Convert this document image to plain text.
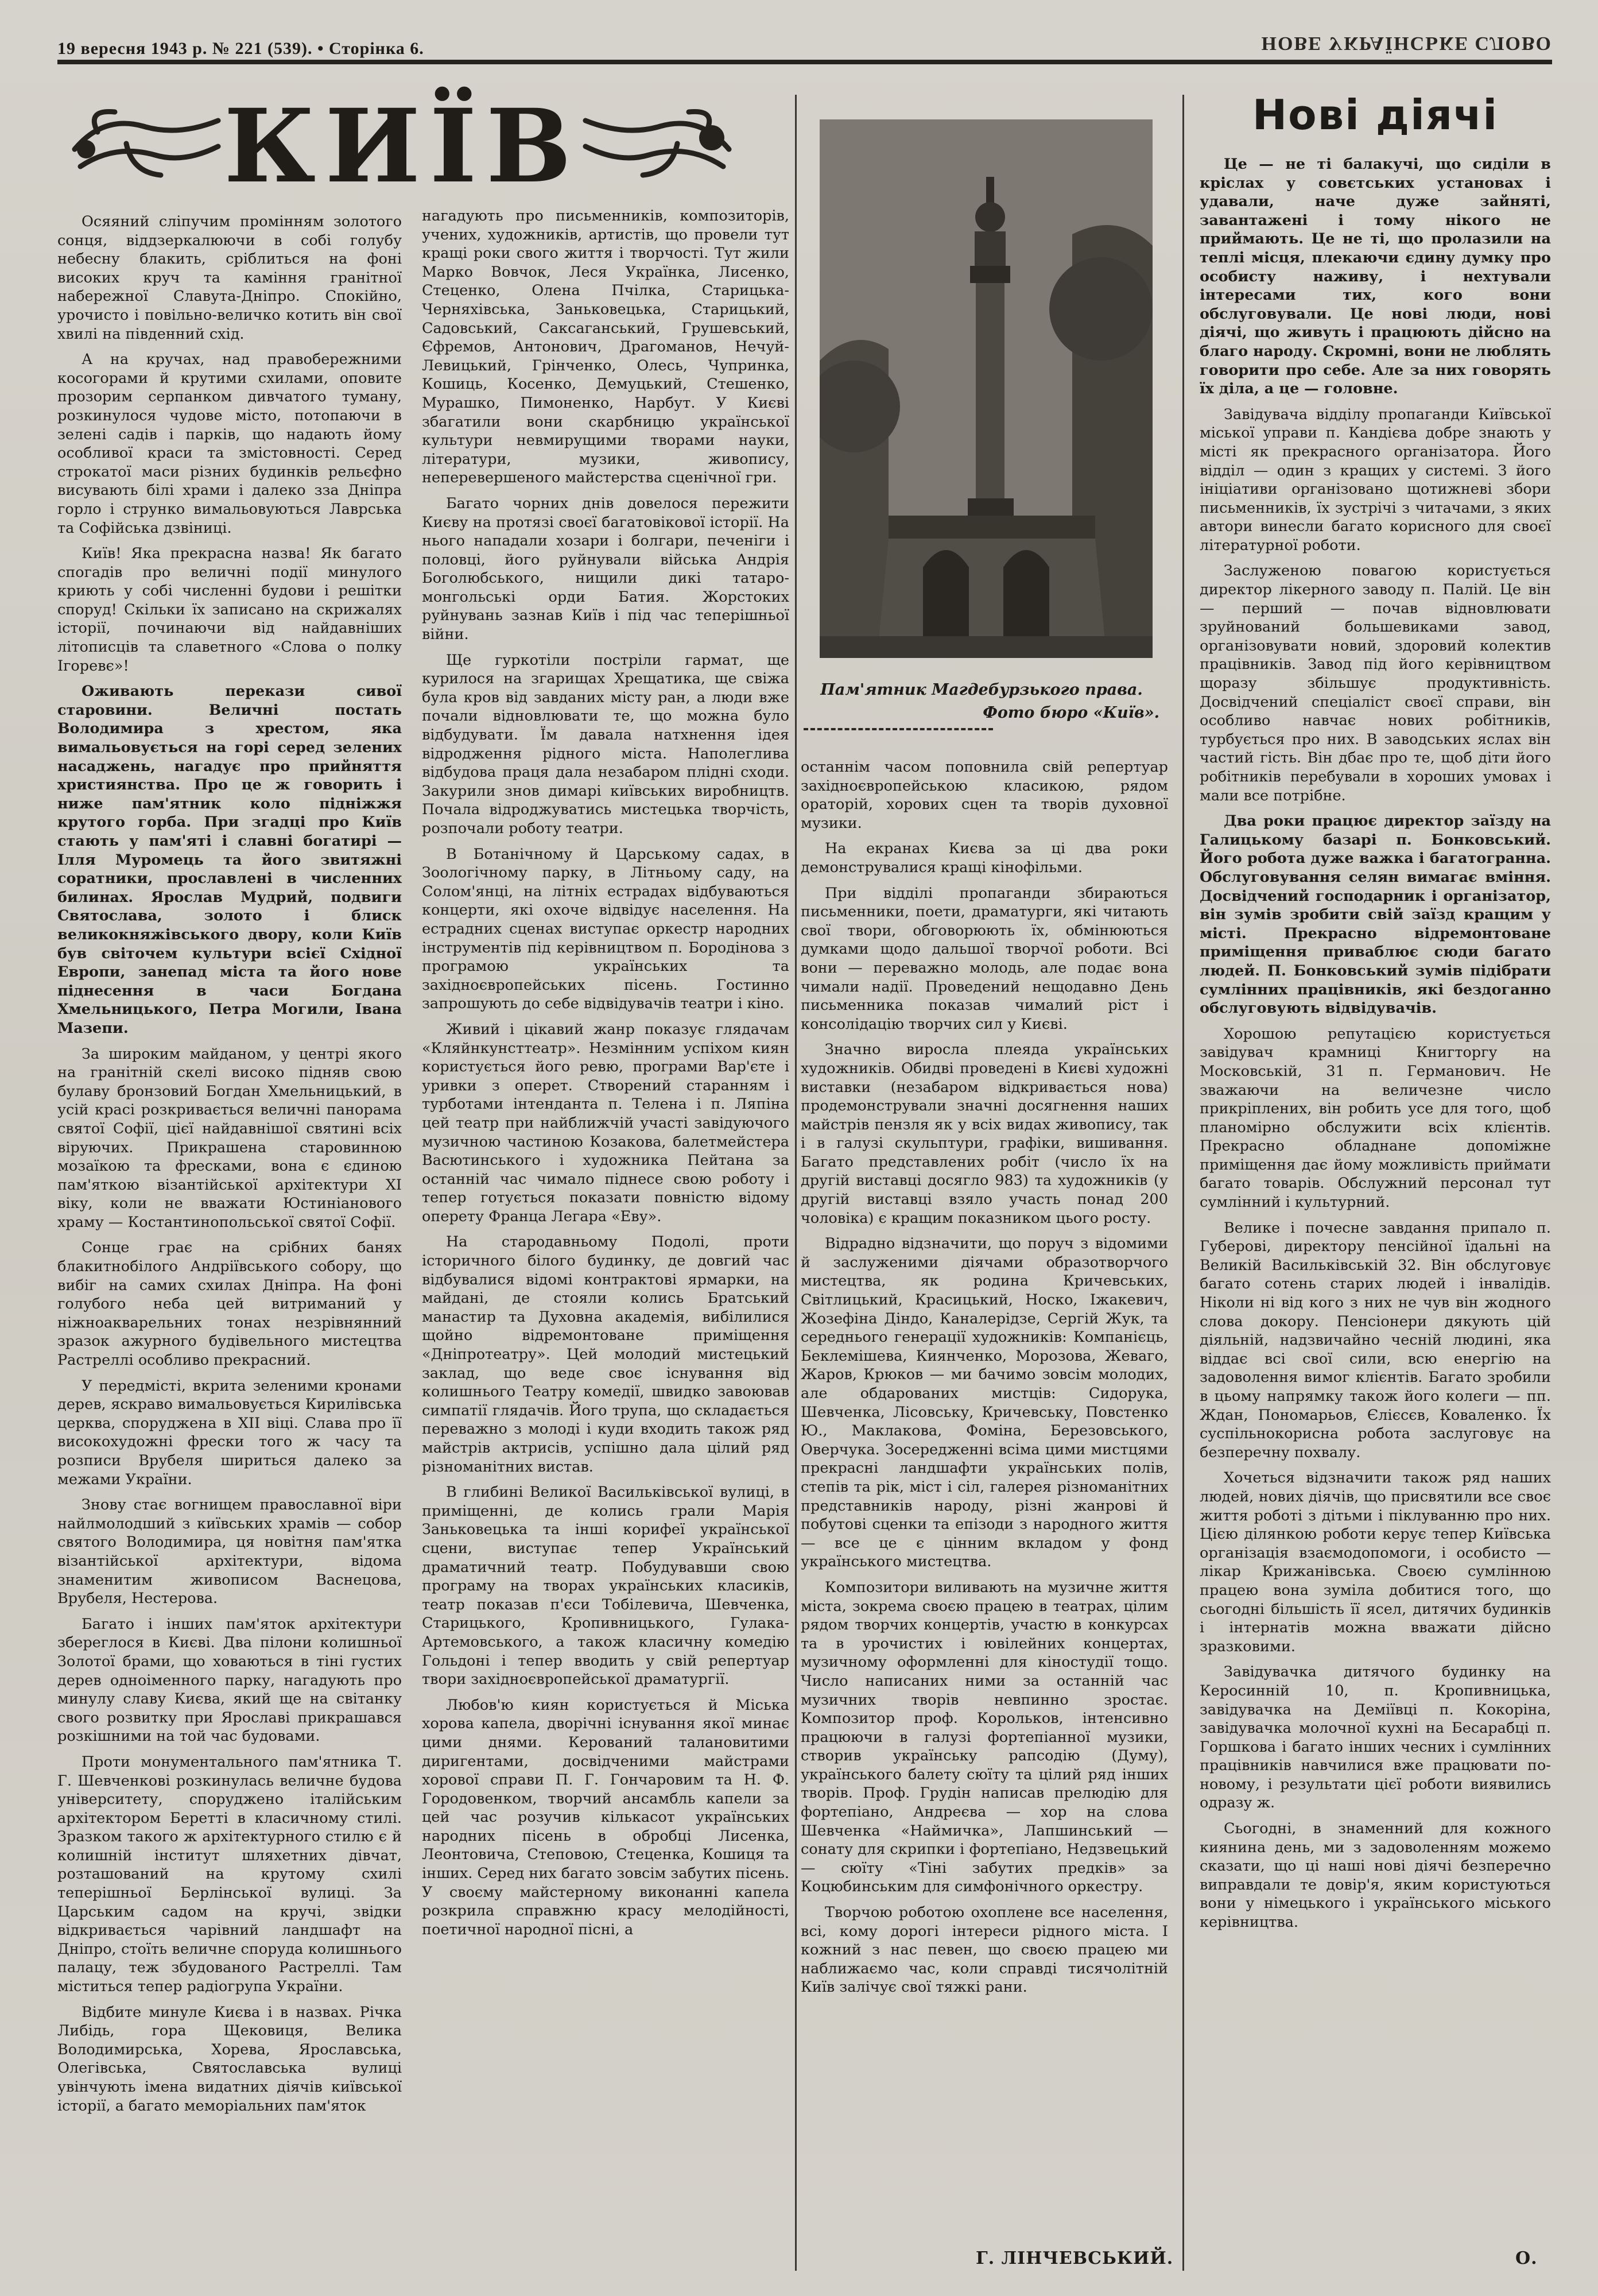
19 вересня 1943 р. № 221 (539). • Сторінка 6.	НОВЕ УКРАЇНСЬКЕ СЛОВО
КИЇВ

Осяяний сліпучим промінням золотого сонця, віддзеркалюючи в собі голубу небесну блакить, сріблиться на фоні високих круч та каміння гранітної набережної Славута-Дніпро. Спокійно, урочисто і повільно-величко котить він свої хвилі на південний схід.

А на кручах, над правобережними косогорами й крутими схилами, оповите прозорим серпанком дивчатого туману, розкинулося чудове місто, потопаючи в зелені садів і парків, що надають йому особливої краси та змістовності. Серед строкатої маси різних будинків рельєфно висувають білі храми і далеко зза Дніпра горло і струнко вимальовуються Лаврська та Софійська дзвіниці.

Київ! Яка прекрасна назва! Як багато спогадів про величні події минулого криють у собі численні будови і решітки споруд! Скільки їх записано на скрижалях історії, починаючи від найдавніших літописців та славетного «Слова о полку Ігоревє»!

Оживають перекази сивої старовини. Величні постать Володимира з хрестом, яка вимальовується на горі серед зелених насаджень, нагадує про прийняття християнства. Про це ж говорить і ниже пам'ятник коло підніжжя крутого горба. При згадці про Київ стають у пам'яті і славні богатирі — Ілля Муромець та його звитяжні соратники, прославлені в численних билинах. Ярослав Мудрий, подвиги Святослава, золото і блиск великокняжівського двору, коли Київ був світочем культури всієї Східної Европи, занепад міста та його нове піднесення в часи Богдана Хмельницького, Петра Могили, Івана Мазепи.

За широким майданом, у центрі якого на гранітній скелі високо підняв свою булаву бронзовий Богдан Хмельницький, в усій красі розкривається величні панорама святої Софії, цієї найдавнішої святині всіх віруючих. Прикрашена старовинною мозаїкою та фресками, вона є єдиною пам'яткою візантійської архітектури XI віку, коли не вважати Юстиніанового храму — Костантинопольської святої Софії.

Сонце грає на срібних банях блакитнобілого Андріївського собору, що вибіг на самих схилах Дніпра. На фоні голубого неба цей витриманий у ніжноакварельних тонах незрівнянний зразок ажурного будівельного мистецтва Растреллі особливо прекрасний.

У передмісті, вкрита зеленими кронами дерев, яскраво вимальовується Кирилівська церква, споруджена в XII віці. Слава про її високохудожні фрески того ж часу та розписи Врубеля шириться далеко за межами України.

Знову стає вогнищем православної віри найлмолодший з київських храмів — собор святого Володимира, ця новітня пам'ятка візантійської архітектури, відома знаменитим живописом Васнецова, Врубеля, Нестерова.

Багато і інших пам'яток архітектури збереглося в Києві. Два пілони колишньої Золотої брами, що ховаються в тіні густих дерев одноіменного парку, нагадують про минулу славу Києва, який ще на світанку свого розвитку при Ярославі прикрашався розкішними на той час будовами.

Проти монументального пам'ятника Т. Г. Шевченкові розкинулась величне будова університету, споруджено італійським архітектором Беретті в класичному стилі. Зразком такого ж архітектурного стилю є й колишній інститут шляхетних дівчат, розташований на крутому схилі теперішньої Берлінської вулиці. За Царським садом на кручі, звідки відкривається чарівний ландшафт на Дніпро, стоїть величне споруда колишнього палацу, теж збудованого Растреллі. Там міститься тепер радіогрупа України.

Відбите минуле Києва і в назвах. Річка Либідь, гора Щековиця, Велика Володимирська, Хорева, Ярославська, Олегівська, Святославська вулиці увінчують імена видатних діячів київської історії, а багато меморіальних пам'яток

нагадують про письменників, композиторів, учених, художників, артистів, що провели тут кращі роки свого життя і творчості. Тут жили Марко Вовчок, Леся Українка, Лисенко, Стеценко, Олена Пчілка, Старицька-Черняхівська, Заньковецька, Старицький, Садовський, Саксаганський, Грушевський, Єфремов, Антонович, Драгоманов, Нечуй-Левицький, Грінченко, Олесь, Чупринка, Кошиць, Косенко, Демуцький, Стешенко, Мурашко, Пимоненко, Нарбут. У Києві збагатили вони скарбницю української культури невмирущими творами науки, літератури, музики, живопису, неперевершеного майстерства сценічної гри.

Багато чорних днів довелося пережити Києву на протязі своєї багатовікової історії. На нього нападали хозари і болгари, печеніги і половці, його руйнували війська Андрія Боголюбського, нищили дикі татаро-монгольські орди Батия. Жорстоких руйнувань зазнав Київ і під час теперішньої війни.

Ще гуркотіли постріли гармат, ще курилося на згарищах Хрещатика, ще свіжа була кров від завданих місту ран, а люди вже почали відновлювати те, що можна було відбудувати. Їм давала натхнення ідея відродження рідного міста. Наполеглива відбудова праця дала незабаром плідні сходи. Закурили знов димарі київських виробництв. Почала відроджуватись мистецька творчість, розпочали роботу театри.

В Ботанічному й Царському садах, в Зоологічному парку, в Літньому саду, на Солом'янці, на літніх естрадах відбуваються концерти, які охоче відвідує населення. На естрадних сценах виступає оркестр народних інструментів під керівництвом п. Бородінова з програмою українських та західноєвропейських пісень. Гостинно запрошують до себе відвідувачів театри і кіно.

Живий і цікавий жанр показує глядачам «Кляйнкунсттеатр». Незмінним успіхом киян користується його ревю, програми Вар'єте і уривки з оперет. Створений старанням і турботами інтенданта п. Телена і п. Ляпіна цей театр при найближчій участі завідуючого музичною частиною Козакова, балетмейстера Васютинського і художника Пейтана за останній час чимало піднесе свою роботу і тепер готується показати повністю відому оперету Франца Легара «Еву».

На стародавньому Подолі, проти історичного білого будинку, де довгий час відбувалися відомі контрактові ярмарки, на майдані, де стояли колись Братський манастир та Духовна академія, вибілилися щойно відремонтоване приміщення «Дніпротеатру». Цей молодий мистецький заклад, що веде своє існування від колишнього Театру комедії, швидко завоював симпатії глядачів. Його трупа, що складається переважно з молоді і куди входить також ряд майстрів актрисів, успішно дала цілий ряд різноманітних вистав.

В глибині Великої Васильківської вулиці, в приміщенні, де колись грали Марія Заньковецька та інші корифеї української сцени, виступає тепер Український драматичний театр. Побудувавши свою програму на творах українських класиків, театр показав п'єси Тобілевича, Шевченка, Старицького, Кропивницького, Гулака-Артемовського, а також класичну комедію Гольдоні і тепер вводить у свій репертуар твори західноєвропейської драматургії.

Любов'ю киян користується й Міська хорова капела, дворічні існування якої минає цими днями. Керований талановитими диригентами, досвідченими майстрами хорової справи П. Г. Гончаровим та Н. Ф. Городовенком, творчий ансамбль капели за цей час розучив кількасот українських народних пісень в обробці Лисенка, Леонтовича, Степовою, Стеценка, Кошиця та інших. Серед них багато зовсім забутих пісень. У своєму майстерному виконанні капела розкрила справжню красу мелодійності, поетичної народної пісні, а

Пам'ятник Магдебурзького права.
Фото бюро «Київ».

останнім часом поповнила свій репертуар західноєвропейською класикою, рядом ораторій, хорових сцен та творів духовної музики.

На екранах Києва за ці два роки демонструвалися кращі кінофільми.

При відділі пропаганди збираються письменники, поети, драматурги, які читають свої твори, обговорюють їх, обмінюються думками щодо дальшої творчої роботи. Всі вони — переважно молодь, але подає вона чимали надії. Проведений нещодавно День письменника показав чималий ріст і консолідацію творчих сил у Києві.

Значно виросла плеяда українських художників. Обидві проведені в Києві художні виставки (незабаром відкривається нова) продемонстрували значні досягнення наших майстрів пензля як у всіх видах живопису, так і в галузі скульптури, графіки, вишивання. Багато представлених робіт (число їх на другій виставці досягло 983) та художників (у другій виставці взяло участь понад 200 чоловіка) є кращим показником цього росту.

Відрадно відзначити, що поруч з відомими й заслуженими діячами образотворчого мистецтва, як родина Кричевських, Світлицький, Красицький, Носко, Іжакевич, Жозефіна Діндо, Каналерідзе, Сергій Жук, та середнього генерації художників: Компанієць, Беклемішева, Киянченко, Морозова, Жеваго, Жаров, Крюков — ми бачимо зовсім молодих, але обдарованих мистців: Сидорука, Шевченка, Лісовську, Кричевську, Повстенко Ю., Маклакова, Фоміна, Березовського, Оверчука. Зосередженні всіма цими мистцями прекрасні ландшафти українських полів, степів та рік, міст і сіл, галерея різноманітних представників народу, різні жанрові й побутові сценки та епізоди з народного життя — все це є цінним вкладом у фонд українського мистецтва.

Композитори виливають на музичне життя міста, зокрема своєю працею в театрах, цілим рядом творчих концертів, участю в конкурсах та в урочистих і ювілейних концертах, музичному оформленні для кіностудії тощо. Число написаних ними за останній час музичних творів невпинно зростає. Композитор проф. Корольков, інтенсивно працюючи в галузі фортепіанної музики, створив українську рапсодію (Думу), українського балету сюїту та цілий ряд інших творів. Проф. Грудін написав прелюдію для фортепіано, Андреєва — хор на слова Шевченка «Наймичка», Лапшинський — сонату для скрипки і фортепіано, Недзвецький — сюїту «Тіні забутих предків» за Коцюбинським для симфонічного оркестру.

Творчою роботою охоплене все населення, всі, кому дорогі інтереси рідного міста. І кожний з нас певен, що своєю працею ми наближаємо час, коли справді тисячолітній Київ залічує свої тяжкі рани.

Г. ЛІНЧЕВСЬКИЙ.
Нові діячі

Це — не ті балакучі, що сиділи в кріслах у совєтських установах і удавали, наче дуже зайняті, завантажені і тому нікого не приймають. Це не ті, що пролазили на теплі місця, плекаючи єдину думку про особисту наживу, і нехтували інтересами тих, кого вони обслуговували. Це нові люди, нові діячі, що живуть і працюють дійсно на благо народу. Скромні, вони не люблять говорити про себе. Але за них говорять їх діла, а це — головне.

Завідувача відділу пропаганди Київської міської управи п. Кандієва добре знають у місті як прекрасного організатора. Його відділ — один з кращих у системі. З його ініціативи організовано щотижневі збори письменників, їх зустрічі з читачами, з яких автори винесли багато корисного для своєї літературної роботи.

Заслуженою повагою користується директор лікерного заводу п. Палій. Це він — перший — почав відновлювати зруйнований большевиками завод, організовувати новий, здоровий колектив працівників. Завод під його керівництвом щоразу збільшує продуктивність. Досвідчений спеціаліст своєї справи, він особливо навчає нових робітників, турбується про них. В заводських яслах він частий гість. Він дбає про те, щоб діти його робітників перебували в хороших умовах і мали все потрібне.

Два роки працює директор заїзду на Галицькому базарі п. Бонковський. Його робота дуже важка і багатогранна. Обслуговування селян вимагає вміння. Досвідчений господарник і організатор, він зумів зробити свій заїзд кращим у місті. Прекрасно відремонтоване приміщення приваблює сюди багато людей. П. Бонковський зумів підібрати сумлінних працівників, які бездоганно обслуговують відвідувачів.

Хорошою репутацією користується завідувач крамниці Книгторгу на Московській, 31 п. Германович. Не зважаючи на величезне число прикріплених, він робить усе для того, щоб планомірно обслужити всіх клієнтів. Прекрасно обладнане допоміжне приміщення дає йому можливість приймати багато товарів. Обслужний персонал тут сумлінний і культурний.

Велике і почесне завдання припало п. Губерові, директору пенсійної їдальні на Великій Васильківській 32. Він обслуговує багато сотень старих людей і інвалідів. Ніколи ні від кого з них не чув він жодного слова докору. Пенсіонери дякують цій діяльній, надзвичайно чесній людині, яка віддає всі свої сили, всю енергію на задоволення вимог клієнтів. Багато зробили в цьому напрямку також його колеги — пп. Ждан, Пономарьов, Єлієсєв, Коваленко. Їх суспільнокорисна робота заслуговує на безперечну похвалу.

Хочеться відзначити також ряд наших людей, нових діячів, що присвятили все своє життя роботі з дітьми і піклуванню про них. Цією ділянкою роботи керує тепер Київська організація взаємодопомоги, і особисто — лікар Крижанівська. Своєю сумлінною працею вона зуміла добитися того, що сьогодні більшість її ясел, дитячих будинків і інтернатів можна вважати дійсно зразковими.

Завідувачка дитячого будинку на Керосинній 10, п. Кропивницька, завідувачка на Деміївці п. Кокоріна, завідувачка молочної кухні на Бесарабці п. Горшкова і багато інших чесних і сумлінних працівників навчилися вже працювати по-новому, і результати цієї роботи виявились одразу ж.

Сьогодні, в знаменний для кожного киянина день, ми з задоволенням можемо сказати, що ці наші нові діячі безперечно виправдали те довір'я, яким користуються вони у німецького і українського міського керівництва.

О.
